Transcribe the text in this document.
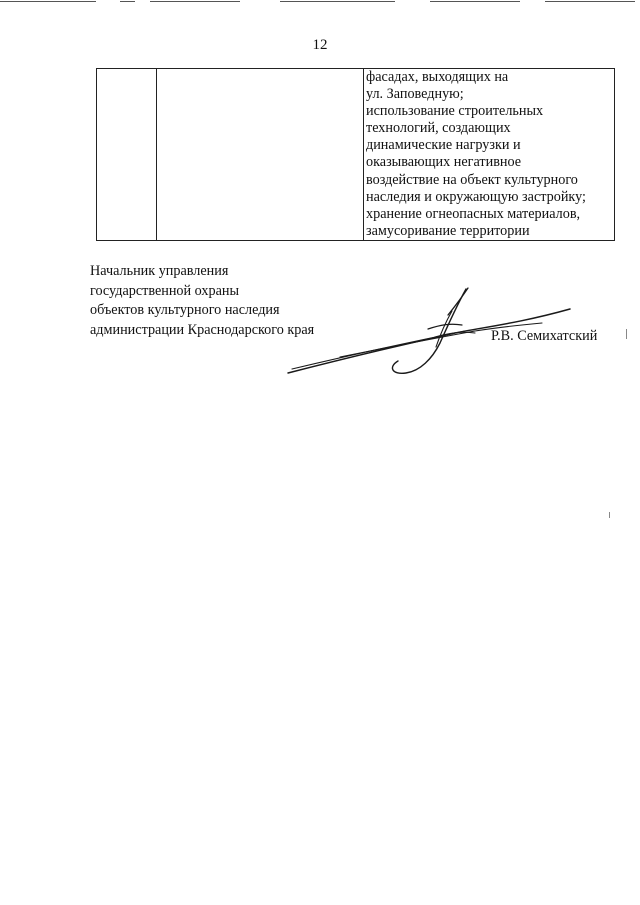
12

фасадах, выходящих на
ул. Заповедную;
использование строительных
технологий, создающих
динамические нагрузки и
оказывающих негативное
воздействие на объект культурного
наследия и окружающую застройку;
хранение огнеопасных материалов,
замусоривание территории
Начальник управления
государственной охраны
объектов культурного наследия
администрации Краснодарского края	Р.В. Семихатский
